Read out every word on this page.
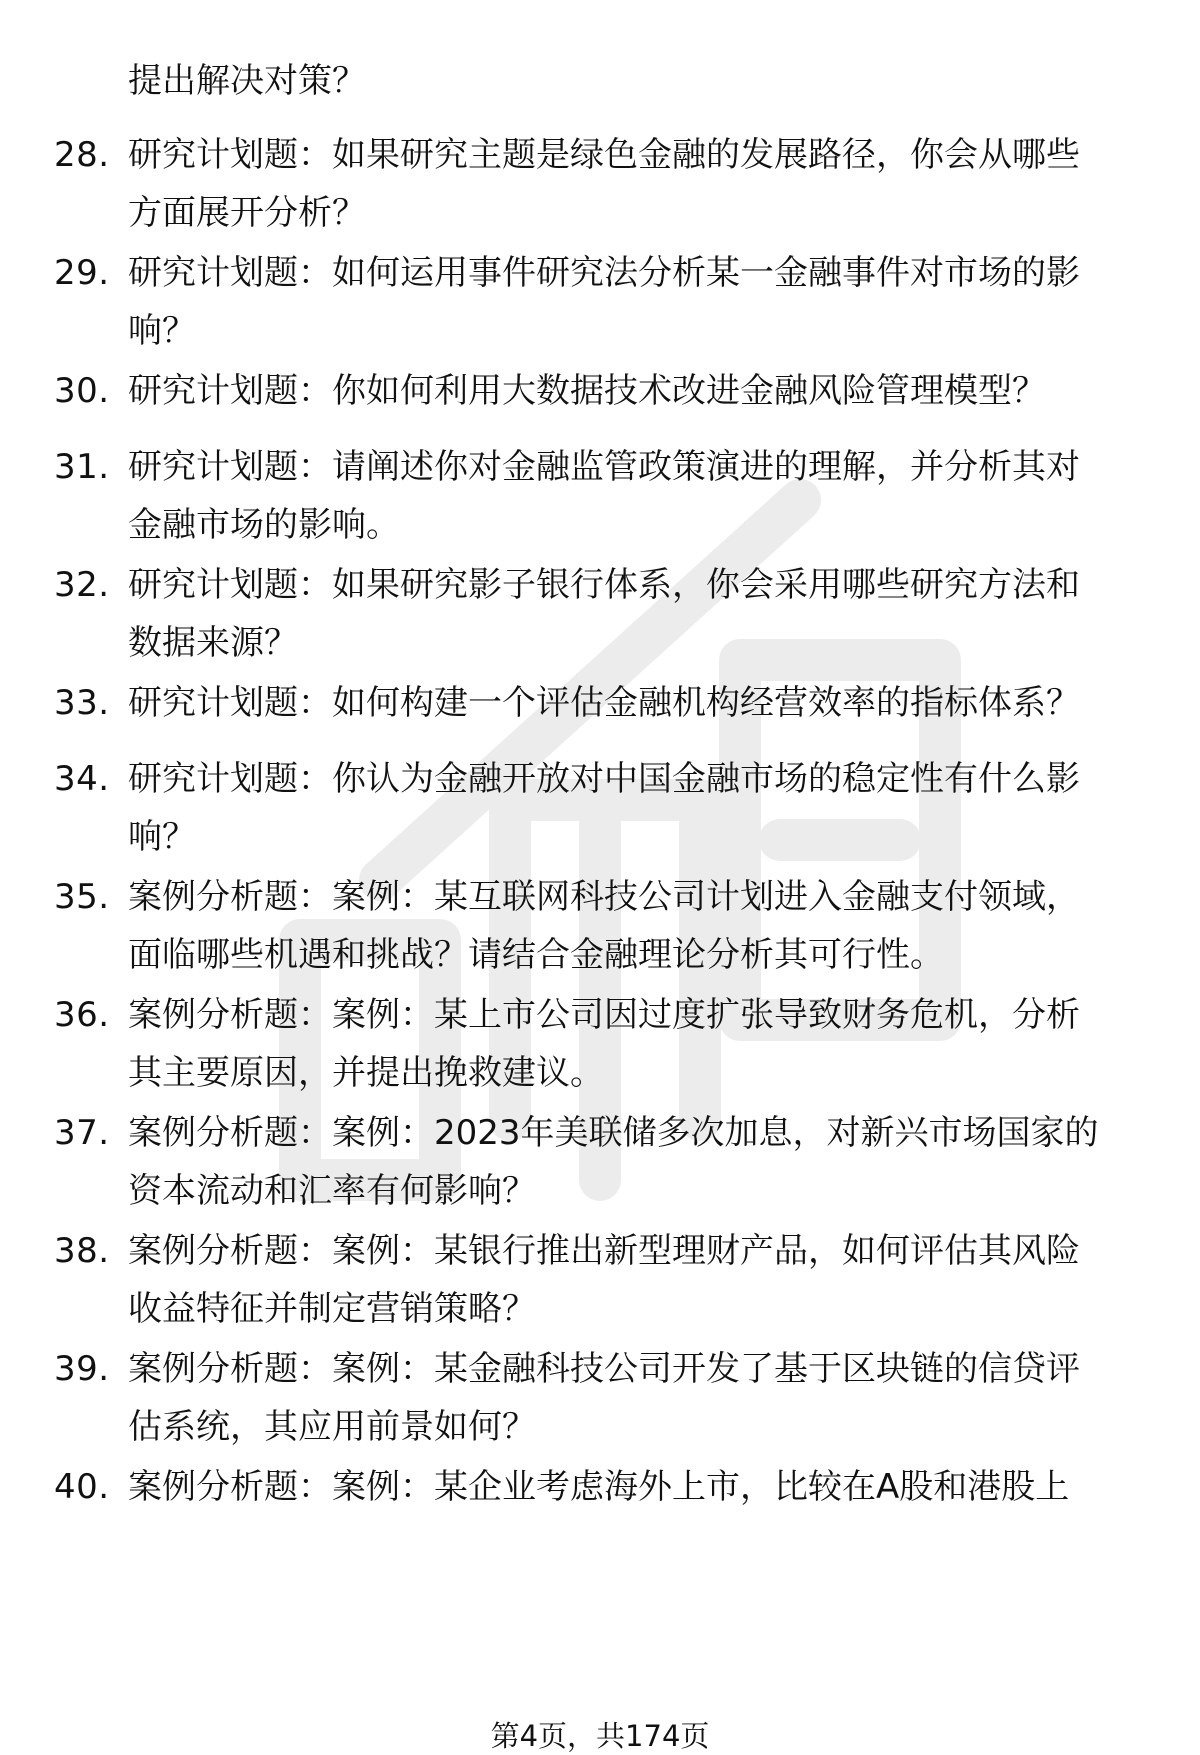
提出解决对策？
28. 研究计划题：如果研究主题是绿色金融的发展路径，你会从哪些
方面展开分析？
29. 研究计划题：如何运用事件研究法分析某一金融事件对市场的影
响？
30. 研究计划题：你如何利用大数据技术改进金融风险管理模型？
31. 研究计划题：请阐述你对金融监管政策演进的理解，并分析其对
金融市场的影响。
32. 研究计划题：如果研究影子银行体系，你会采用哪些研究方法和
数据来源？
33. 研究计划题：如何构建一个评估金融机构经营效率的指标体系？
34. 研究计划题：你认为金融开放对中国金融市场的稳定性有什么影
响？
35. 案例分析题：案例：某互联网科技公司计划进入金融支付领域，
面临哪些机遇和挑战？请结合金融理论分析其可行性。
36. 案例分析题：案例：某上市公司因过度扩张导致财务危机，分析
其主要原因，并提出挽救建议。
37. 案例分析题：案例：2023年美联储多次加息，对新兴市场国家的
资本流动和汇率有何影响？
38. 案例分析题：案例：某银行推出新型理财产品，如何评估其风险
收益特征并制定营销策略？
39. 案例分析题：案例：某金融科技公司开发了基于区块链的信贷评
估系统，其应用前景如何？
40. 案例分析题：案例：某企业考虑海外上市，比较在A股和港股上
第4页，共174页
